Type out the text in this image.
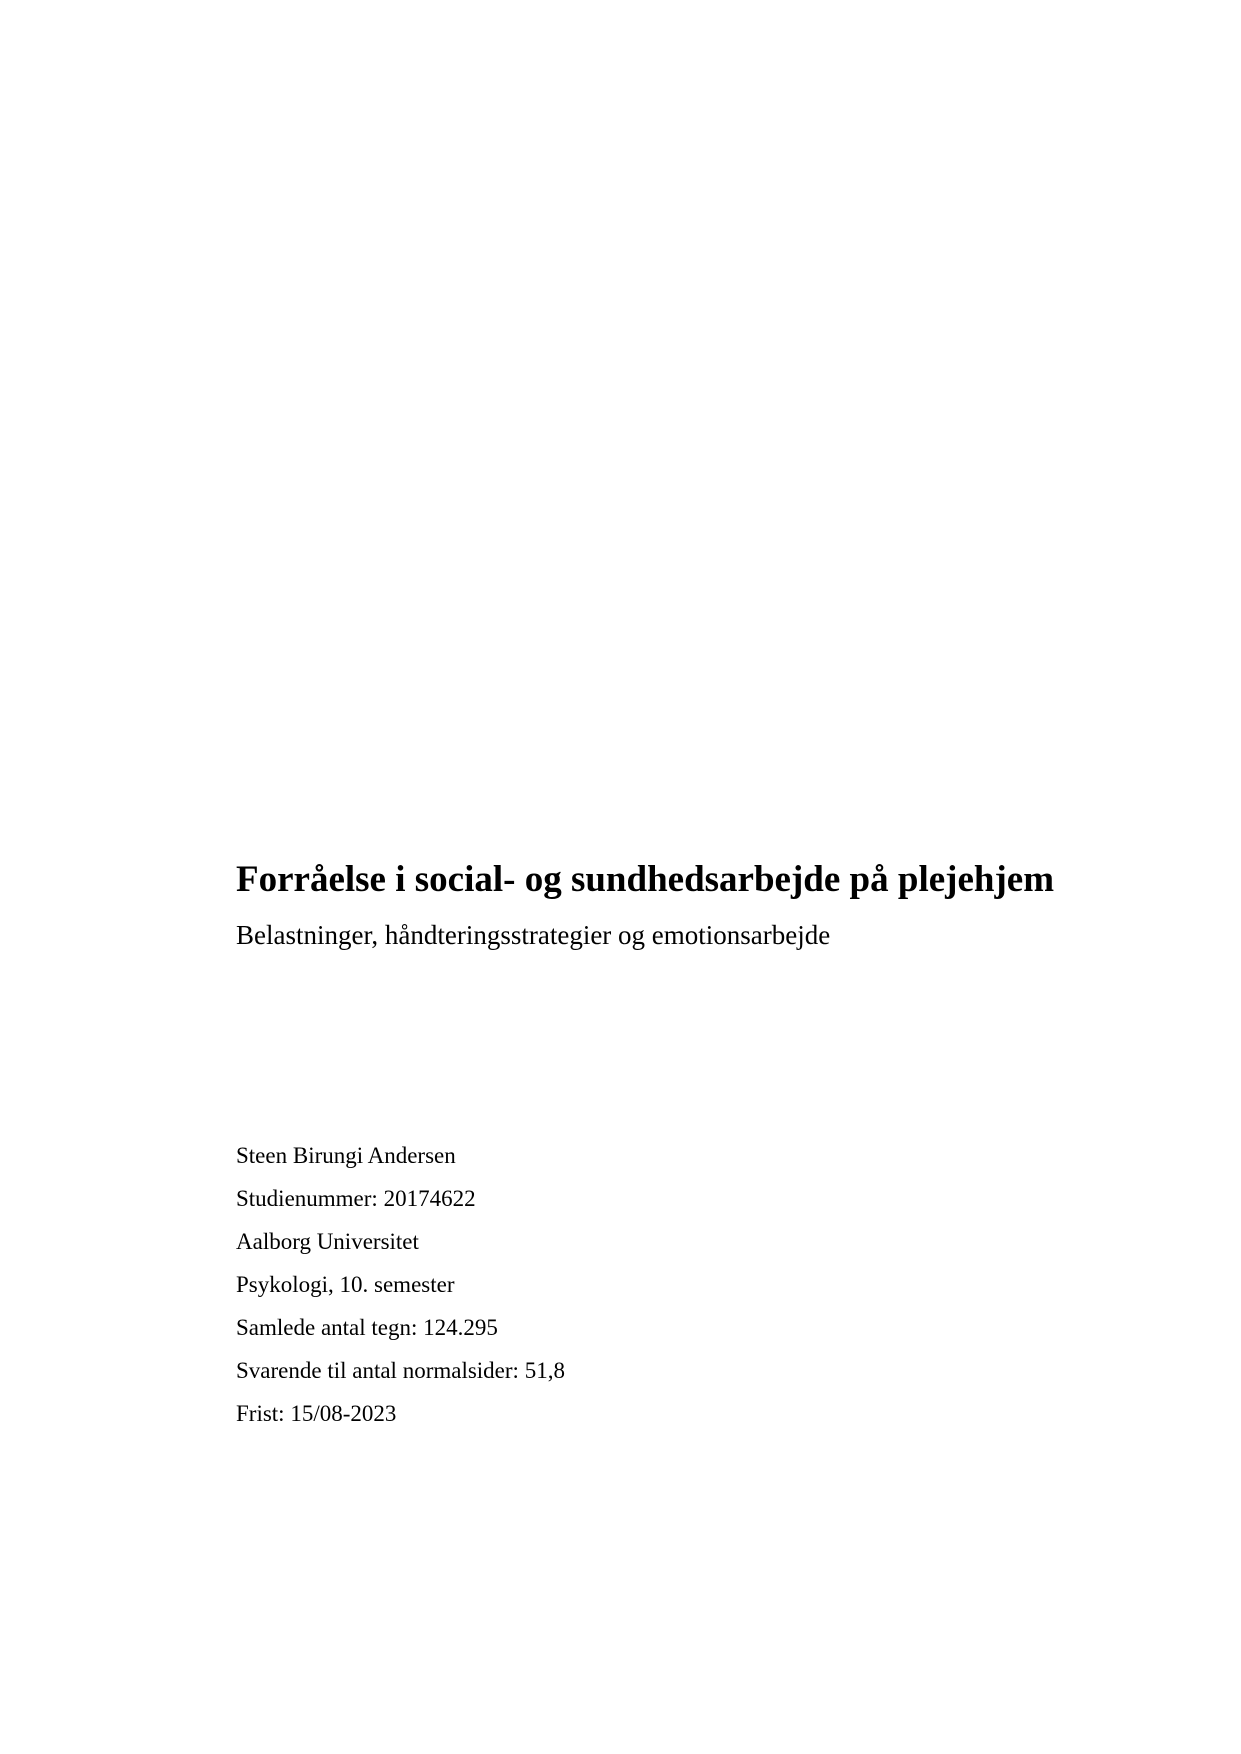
Forråelse i social- og sundhedsarbejde på plejehjem
Belastninger, håndteringsstrategier og emotionsarbejde
Steen Birungi Andersen
Studienummer: 20174622
Aalborg Universitet
Psykologi, 10. semester
Samlede antal tegn: 124.295
Svarende til antal normalsider: 51,8
Frist: 15/08-2023
